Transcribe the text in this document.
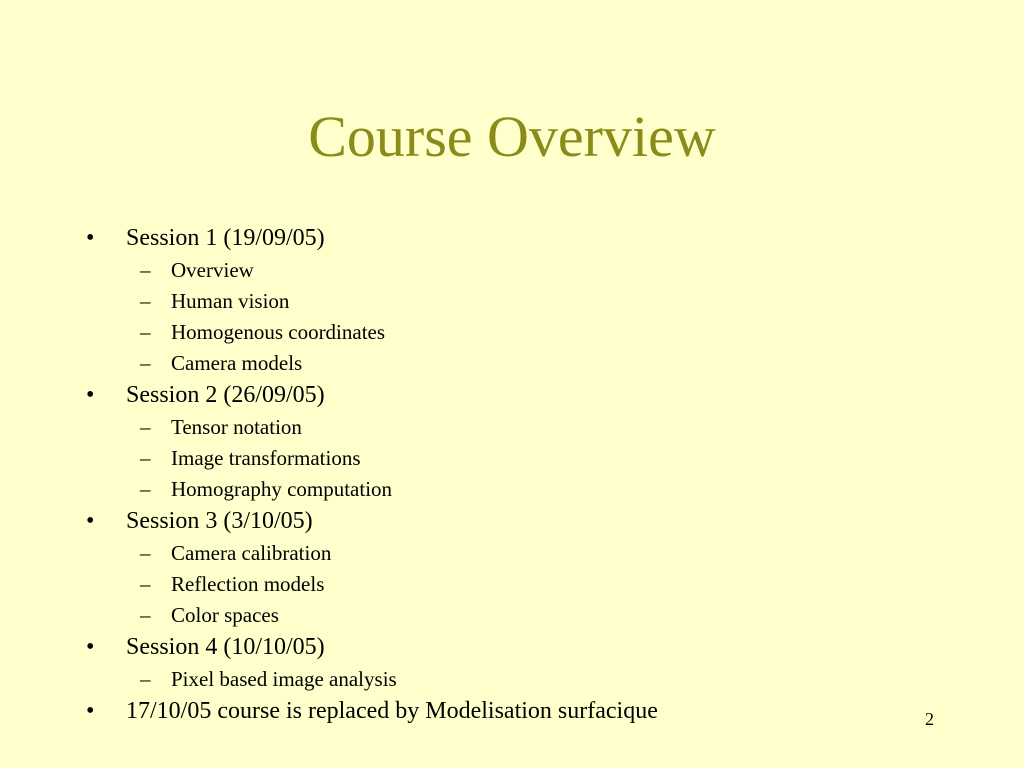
Course Overview
• Session 1 (19/09/05)
– Overview
– Human vision
– Homogenous coordinates
– Camera models
• Session 2 (26/09/05)
– Tensor notation
– Image transformations
– Homography computation
• Session 3 (3/10/05)
– Camera calibration
– Reflection models
– Color spaces
• Session 4 (10/10/05)
– Pixel based image analysis
• 17/10/05 course is replaced by Modelisation surfacique	2
